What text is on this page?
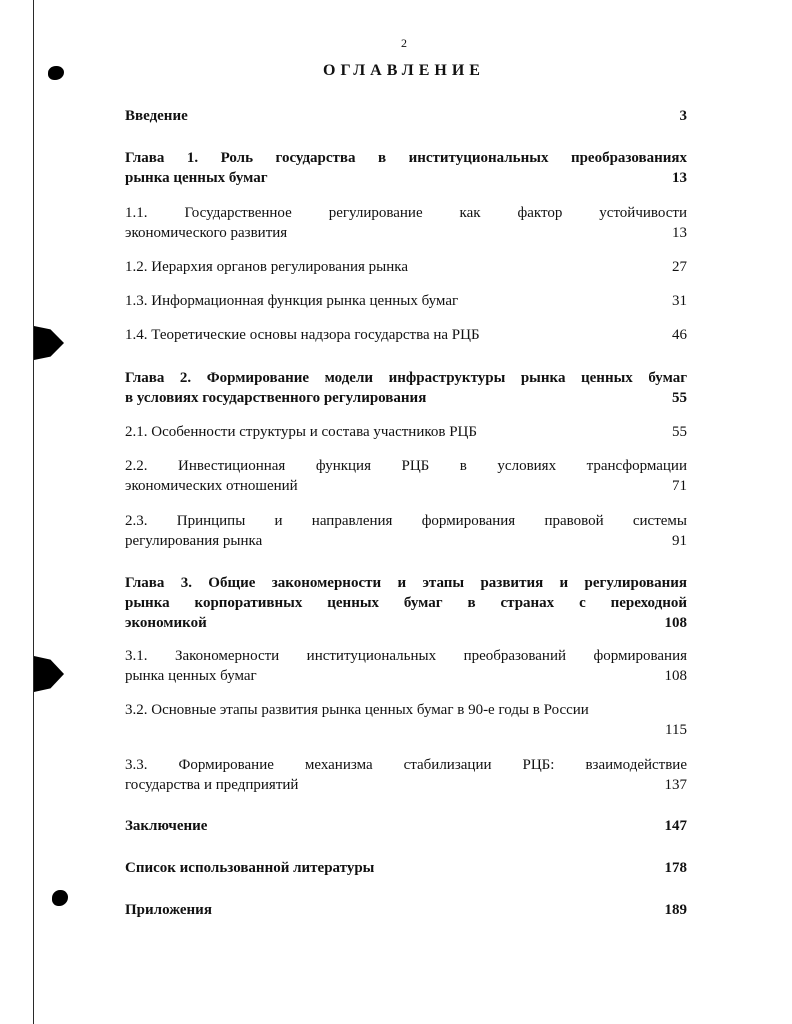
2
ОГЛАВЛЕНИЕ
Введение	3
Глава 1. Роль государства в институциональных преобразованиях
рынка ценных бумаг	13
1.1. Государственное регулирование как фактор устойчивости
экономического развития	13
1.2. Иерархия органов регулирования рынка	27
1.3. Информационная функция рынка ценных бумаг	31
1.4. Теоретические основы надзора государства на РЦБ	46
Глава 2. Формирование модели инфраструктуры рынка ценных бумаг
в условиях государственного регулирования	55
2.1. Особенности структуры и состава участников РЦБ	55
2.2. Инвестиционная функция РЦБ в условиях трансформации
экономических отношений	71
2.3. Принципы и направления формирования правовой системы
регулирования рынка	91
Глава 3. Общие закономерности и этапы развития и регулирования
рынка корпоративных ценных бумаг в странах с переходной
экономикой	108
3.1. Закономерности институциональных преобразований формирования
рынка ценных бумаг	108
3.2. Основные этапы развития рынка ценных бумаг в 90-е годы в России
115
3.3. Формирование механизма стабилизации РЦБ: взаимодействие
государства и предприятий	137
Заключение	147
Список использованной литературы	178
Приложения	189
